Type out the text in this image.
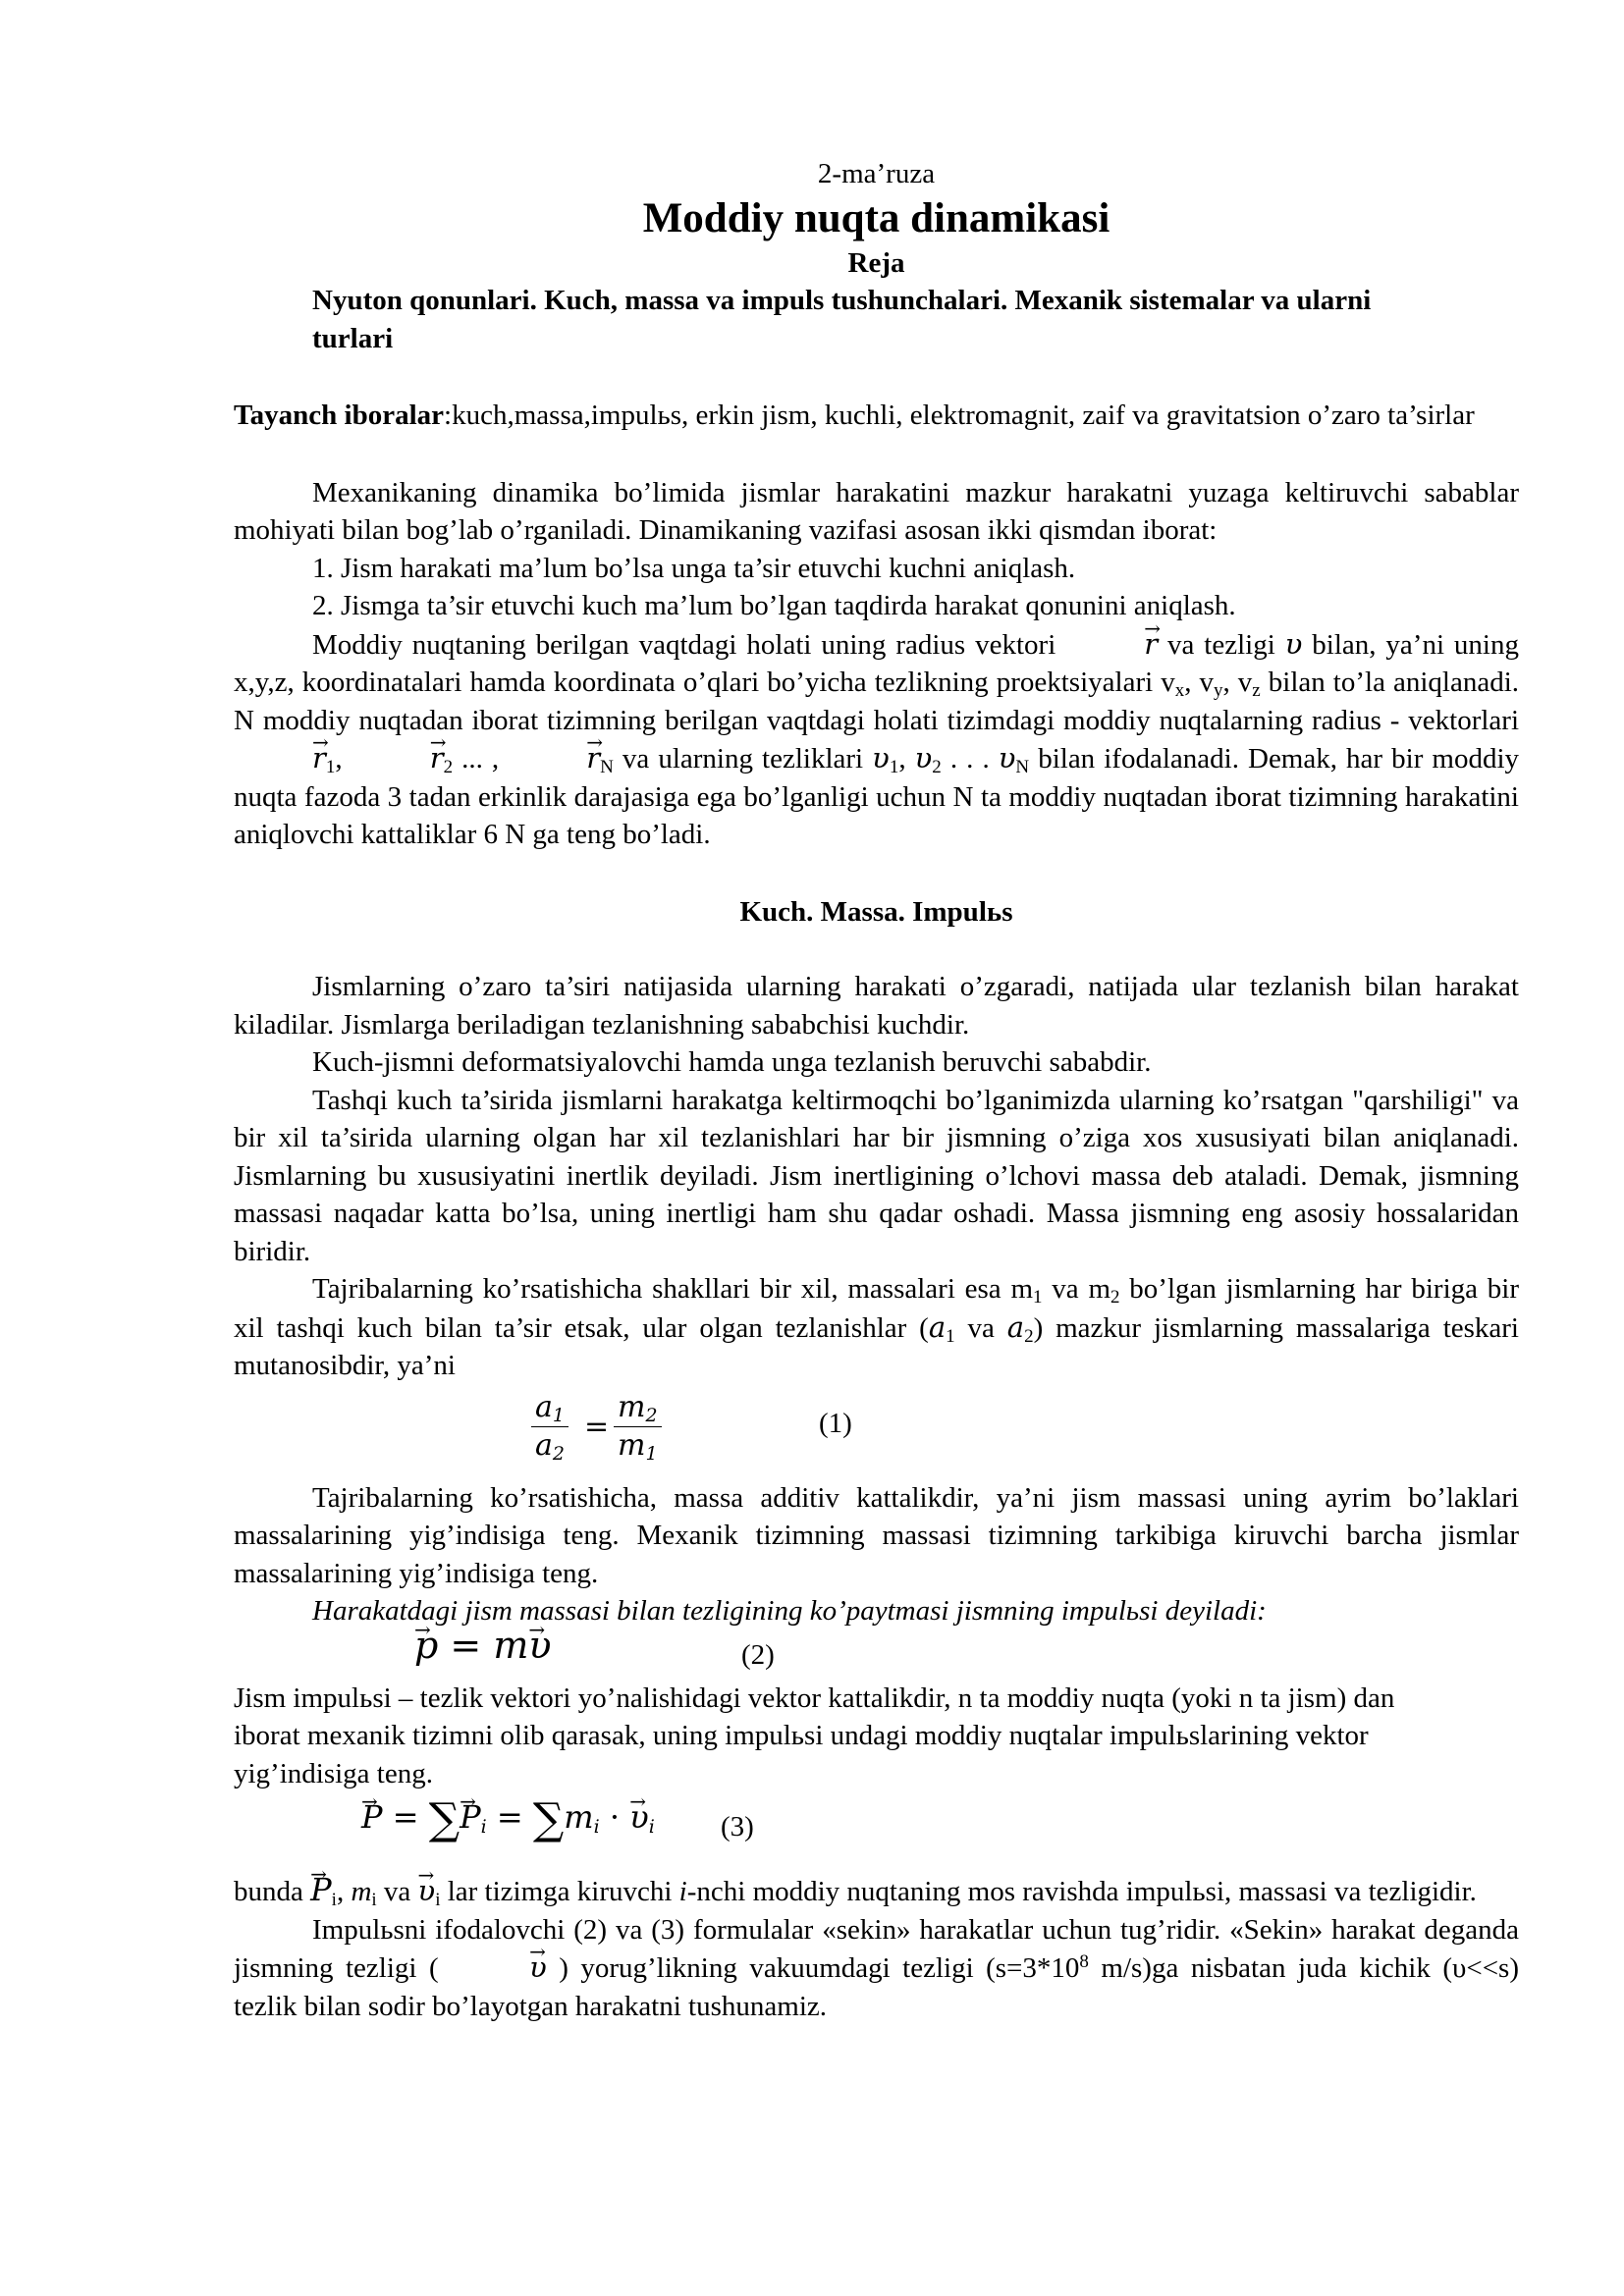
2-ma’ruza

Moddiy nuqta dinamikasi

Reja

Nyuton qonunlari. Kuch, massa va impuls tushunchalari. Mexanik sistemalar va ularni turlari

Tayanch iboralar:kuch,massa,impulьs, erkin jism, kuchli, elektromagnit, zaif va gravitatsion o’zaro ta’sirlar

Mexanikaning dinamika bo’limida jismlar harakatini mazkur harakatni yuzaga keltiruvchi sabablar mohiyati bilan bog’lab o’rganiladi. Dinamikaning vazifasi asosan ikki qismdan iborat:

1. Jism harakati ma’lum bo’lsa unga ta’sir etuvchi kuchni aniqlash.

2. Jismga ta’sir etuvchi kuch ma’lum bo’lgan taqdirda harakat qonunini aniqlash.

Moddiy nuqtaning berilgan vaqtdagi holati uning radius vektori	→ r va tezligi υ bilan, ya’ni uning x,y,z, koordinatalari hamda koordinata o’qlari bo’yicha tezlikning proektsiyalari $v_x$, $v_y$, $v_z$ bilan to’la aniqlanadi. N moddiy nuqtadan iborat tizimning berilgan vaqtdagi holati tizimdagi moddiy nuqtalarning radius - vektorlari → $r_1$,	→ $r_2$ ... ,	→ $r_N$ va ularning tezliklari $\upsilon_1$, $\upsilon_2$ . . . $\upsilon_N$ bilan ifodalanadi. Demak, har bir moddiy nuqta fazoda 3 tadan erkinlik darajasiga ega bo’lganligi uchun N ta moddiy nuqtadan iborat tizimning harakatini aniqlovchi kattaliklar 6 N ga teng bo’ladi.

Kuch. Massa. Impulьs

Jismlarning o’zaro ta’siri natijasida ularning harakati o’zgaradi, natijada ular tezlanish bilan harakat kiladilar. Jismlarga beriladigan tezlanishning sababchisi kuchdir.

Kuch-jismni deformatsiyalovchi hamda unga tezlanish beruvchi sababdir.

Tashqi kuch ta’sirida jismlarni harakatga keltirmoqchi bo’lganimizda ularning ko’rsatgan "qarshiligi" va bir xil ta’sirida ularning olgan har xil tezlanishlari har bir jismning o’ziga xos xususiyati bilan aniqlanadi. Jismlarning bu xususiyatini inertlik deyiladi. Jism inertligining o’lchovi massa deb ataladi. Demak, jismning massasi naqadar katta bo’lsa, uning inertligi ham shu qadar oshadi. Massa jismning eng asosiy hossalaridan biridir.

Tajribalarning ko’rsatishicha shakllari bir xil, massalari esa $m_1$ va $m_2$ bo’lgan jismlarning har biriga bir xil tashqi kuch bilan ta’sir etsak, ular olgan tezlanishlar ($a_1$ va $a_2$) mazkur jismlarning massalariga teskari mutanosibdir, ya’ni

$\frac{a_1}{a_2} = \frac{m_2}{m_1}$	(1)

Tajribalarning ko’rsatishicha, massa additiv kattalikdir, ya’ni jism massasi uning ayrim bo’laklari massalarining yig’indisiga teng. Mexanik tizimning massasi tizimning tarkibiga kiruvchi barcha jismlar massalarining yig’indisiga teng.

Harakatdagi jism massasi bilan tezligining ko’paytmasi jismning impulьsi deyiladi:

→ p = m→ υ	(2)

Jism impulьsi – tezlik vektori yo’nalishidagi vektor kattalikdir, n ta moddiy nuqta (yoki n ta jism) dan iborat mexanik tizimni olib qarasak, uning impulьsi undagi moddiy nuqtalar impulьslarining vektor yig’indisiga teng.

→ P = ∑→ $P_i = \sum m_i$ · → $\upsilon_i$ (3)

bunda → $P_i$, $m_i$ va → $\upsilon_i$ lar tizimga kiruvchi i-nchi moddiy nuqtaning mos ravishda impulьsi, massasi va tezligidir.

Impulьsni ifodalovchi (2) va (3) formulalar «sekin» harakatlar uchun tug’ridir. «Sekin» harakat deganda jismning tezligi (	→ υ ) yorug’likning vakuumdagi tezligi ($s=3*10^8$ m/s)ga nisbatan juda kichik (υ<<s) tezlik bilan sodir bo’layotgan harakatni tushunamiz.
